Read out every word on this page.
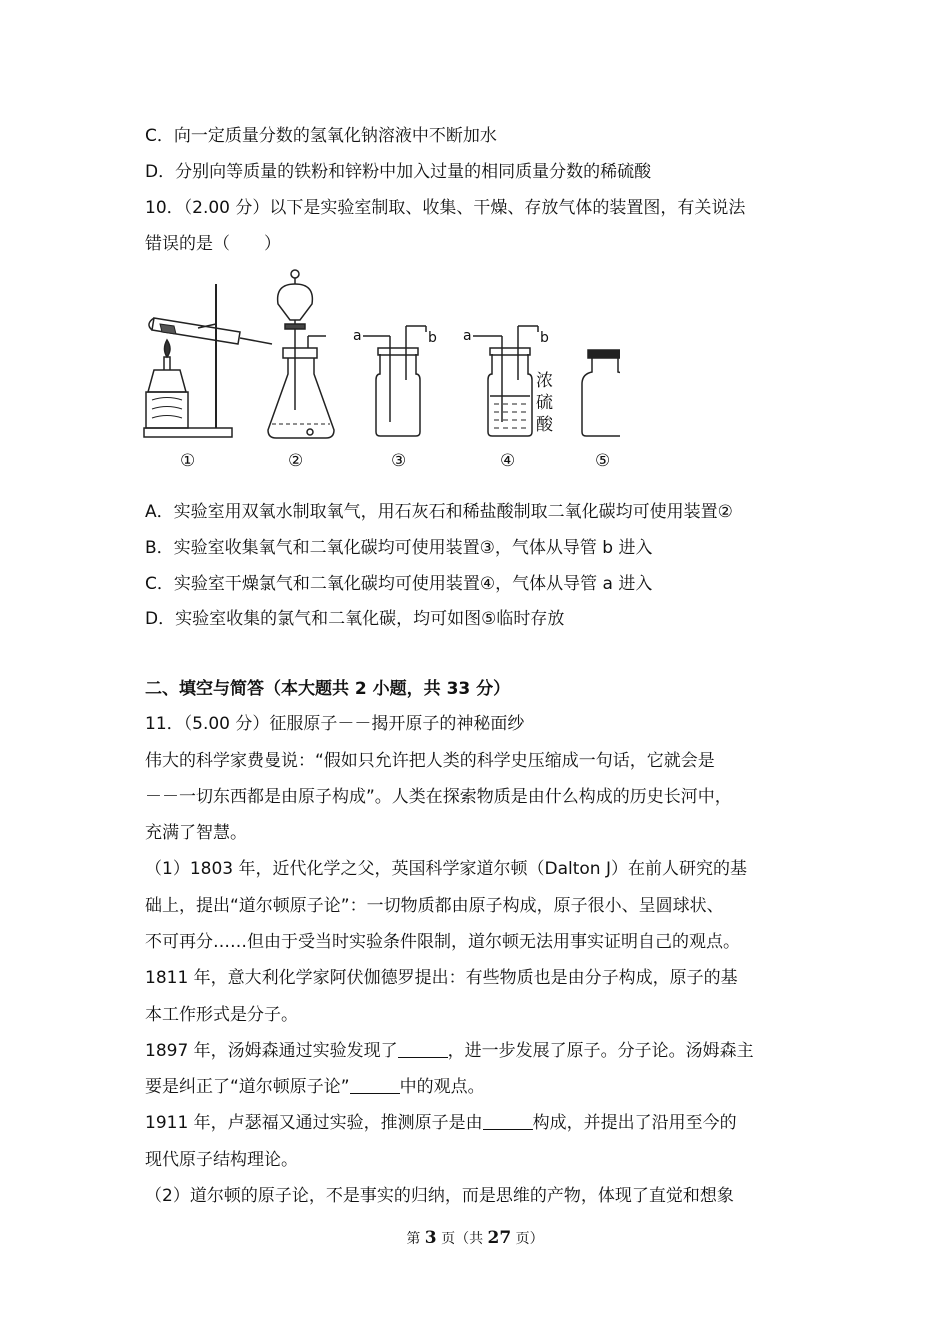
C．向一定质量分数的氢氧化钠溶液中不断加水
D．分别向等质量的铁粉和锌粉中加入过量的相同质量分数的稀硫酸
10．（2.00 分）以下是实验室制取、收集、干燥、存放气体的装置图，有关说法
错误的是（　　）
a	b a	b
浓
硫
酸
①	②	③	④	⑤
A．实验室用双氧水制取氧气，用石灰石和稀盐酸制取二氧化碳均可使用装置②
B．实验室收集氧气和二氧化碳均可使用装置③，气体从导管 b 进入
C．实验室干燥氯气和二氧化碳均可使用装置④，气体从导管 a 进入
D．实验室收集的氯气和二氧化碳，均可如图⑤临时存放
二、填空与简答（本大题共 2 小题，共 33 分）
11．（5.00 分）征服原子－－揭开原子的神秘面纱
伟大的科学家费曼说：“假如只允许把人类的科学史压缩成一句话，它就会是
－－一切东西都是由原子构成”。人类在探索物质是由什么构成的历史长河中，
充满了智慧。
（1）1803 年，近代化学之父，英国科学家道尔顿（Dalton J）在前人研究的基
础上，提出“道尔顿原子论”：一切物质都由原子构成，原子很小、呈圆球状、
不可再分……但由于受当时实验条件限制，道尔顿无法用事实证明自己的观点。
1811 年，意大利化学家阿伏伽德罗提出：有些物质也是由分子构成，原子的基
本工作形式是分子。
1897 年，汤姆森通过实验发现了	，进一步发展了原子。分子论。汤姆森主
要是纠正了“道尔顿原子论”	中的观点。
1911 年，卢瑟福又通过实验，推测原子是由	构成，并提出了沿用至今的
现代原子结构理论。
（2）道尔顿的原子论，不是事实的归纳，而是思维的产物，体现了直觉和想象
第 3 页（共 27 页）
